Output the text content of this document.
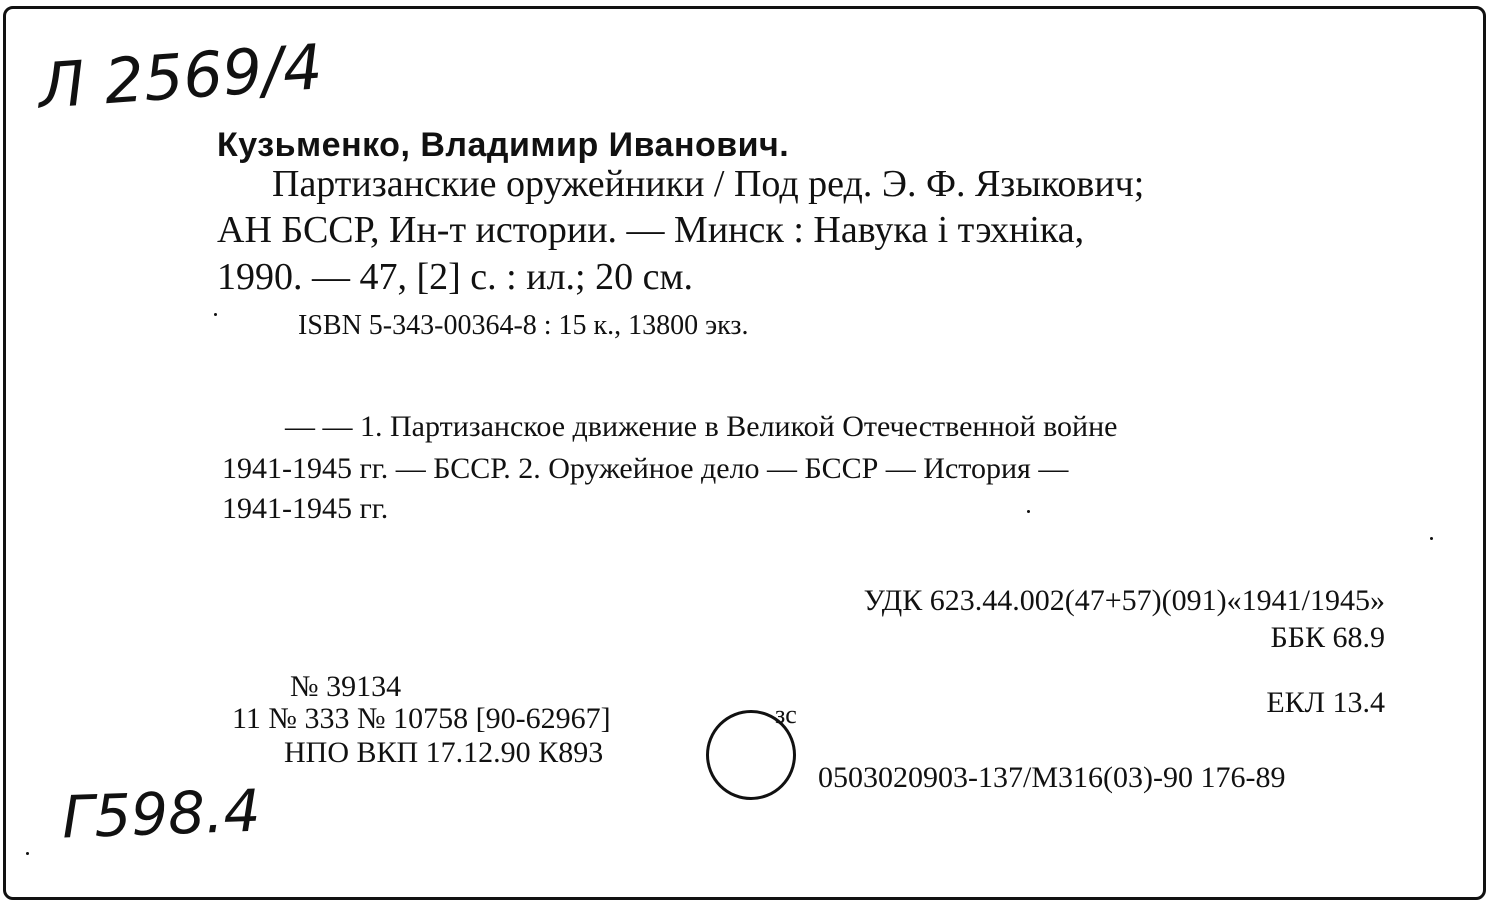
Л 2569/4
Кузьменко, Владимир Иванович.
Партизанские оружейники / Под ред. Э. Ф. Языкович;
АН БССР, Ин-т истории. — Минск : Навука і тэхніка,
1990. — 47, [2] с. : ил.; 20 см.
ISBN 5-343-00364-8 : 15 к., 13800 экз.
— — 1. Партизанское движение в Великой Отечественной войне
1941-1945 гг. — БССР. 2. Оружейное дело — БССР — История —
1941-1945 гг.
УДК 623.44.002(47+57)(091)«1941/1945»
ББК 68.9
№ 39134
11 № 333 № 10758 [90-62967]	зс
НПО ВКП 17.12.90 К893
ЕКЛ 13.4
0503020903-137/М316(03)-90 176-89
Г598.4
